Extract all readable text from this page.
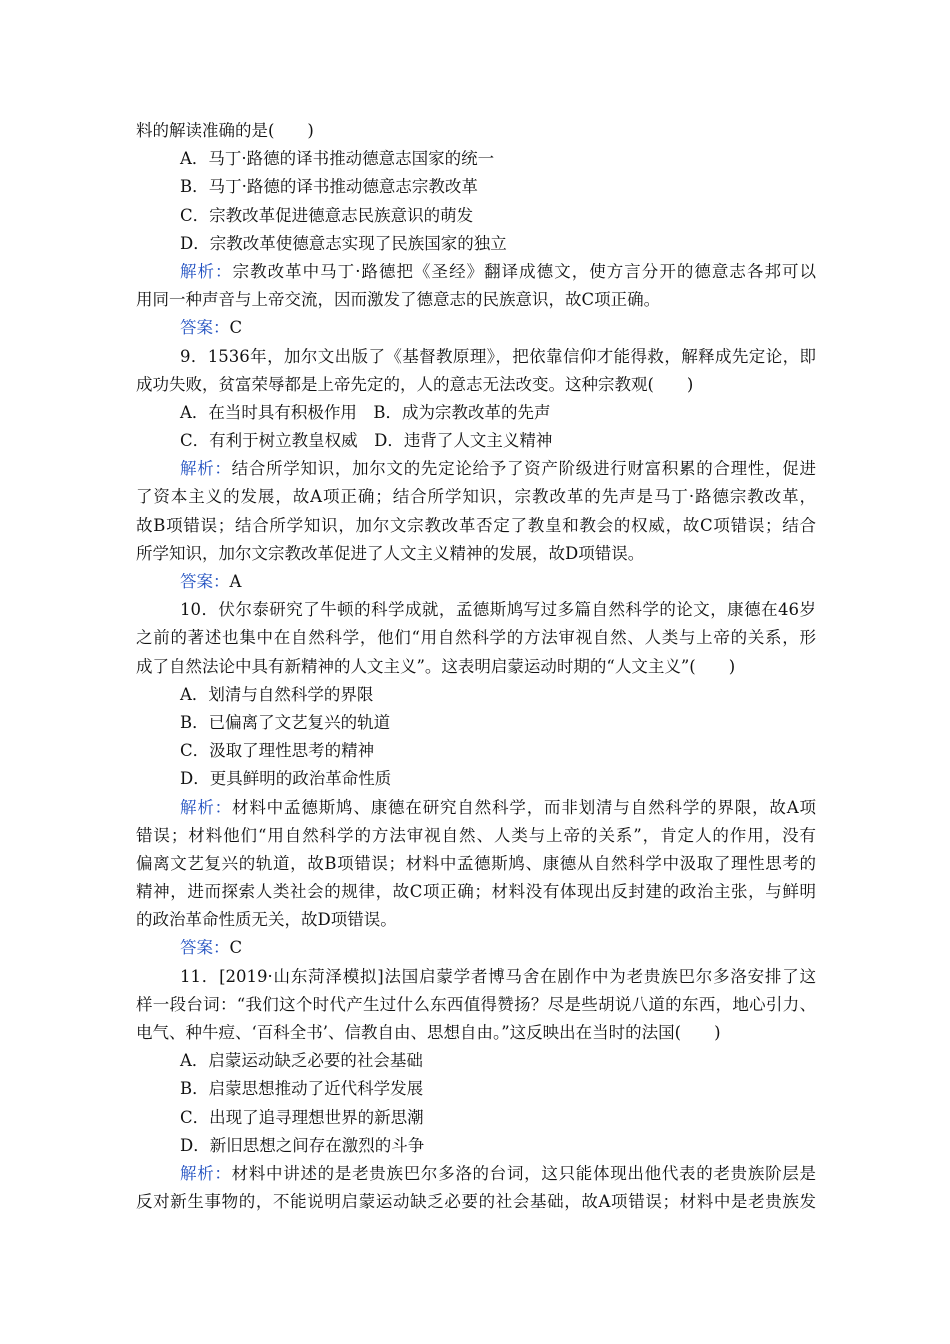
料的解读准确的是(　　)
A．马丁·路德的译书推动德意志国家的统一
B．马丁·路德的译书推动德意志宗教改革
C．宗教改革促进德意志民族意识的萌发
D．宗教改革使德意志实现了民族国家的独立
解析：宗教改革中马丁·路德把《圣经》翻译成德文，使方言分开的德意志各邦可以
用同一种声音与上帝交流，因而激发了德意志的民族意识，故C项正确。
答案：C
9．1536年，加尔文出版了《基督教原理》，把依靠信仰才能得救，解释成先定论，即
成功失败，贫富荣辱都是上帝先定的，人的意志无法改变。这种宗教观(　　)
A．在当时具有积极作用　B．成为宗教改革的先声
C．有利于树立教皇权威　D．违背了人文主义精神
解析：结合所学知识，加尔文的先定论给予了资产阶级进行财富积累的合理性，促进
了资本主义的发展，故A项正确；结合所学知识，宗教改革的先声是马丁·路德宗教改革，
故B项错误；结合所学知识，加尔文宗教改革否定了教皇和教会的权威，故C项错误；结合
所学知识，加尔文宗教改革促进了人文主义精神的发展，故D项错误。
答案：A
10．伏尔泰研究了牛顿的科学成就，孟德斯鸠写过多篇自然科学的论文，康德在46岁
之前的著述也集中在自然科学，他们“用自然科学的方法审视自然、人类与上帝的关系，形
成了自然法论中具有新精神的人文主义”。这表明启蒙运动时期的“人文主义”(　　)
A．划清与自然科学的界限
B．已偏离了文艺复兴的轨道
C．汲取了理性思考的精神
D．更具鲜明的政治革命性质
解析：材料中孟德斯鸠、康德在研究自然科学，而非划清与自然科学的界限，故A项
错误；材料他们“用自然科学的方法审视自然、人类与上帝的关系”，肯定人的作用，没有
偏离文艺复兴的轨道，故B项错误；材料中孟德斯鸠、康德从自然科学中汲取了理性思考的
精神，进而探索人类社会的规律，故C项正确；材料没有体现出反封建的政治主张，与鲜明
的政治革命性质无关，故D项错误。
答案：C
11．[2019·山东菏泽模拟]法国启蒙学者博马舍在剧作中为老贵族巴尔多洛安排了这
样一段台词：“我们这个时代产生过什么东西值得赞扬？尽是些胡说八道的东西，地心引力、
电气、种牛痘、‘百科全书’、信教自由、思想自由。”这反映出在当时的法国(　　)
A．启蒙运动缺乏必要的社会基础
B．启蒙思想推动了近代科学发展
C．出现了追寻理想世界的新思潮
D．新旧思想之间存在激烈的斗争
解析：材料中讲述的是老贵族巴尔多洛的台词，这只能体现出他代表的老贵族阶层是
反对新生事物的，不能说明启蒙运动缺乏必要的社会基础，故A项错误；材料中是老贵族发
